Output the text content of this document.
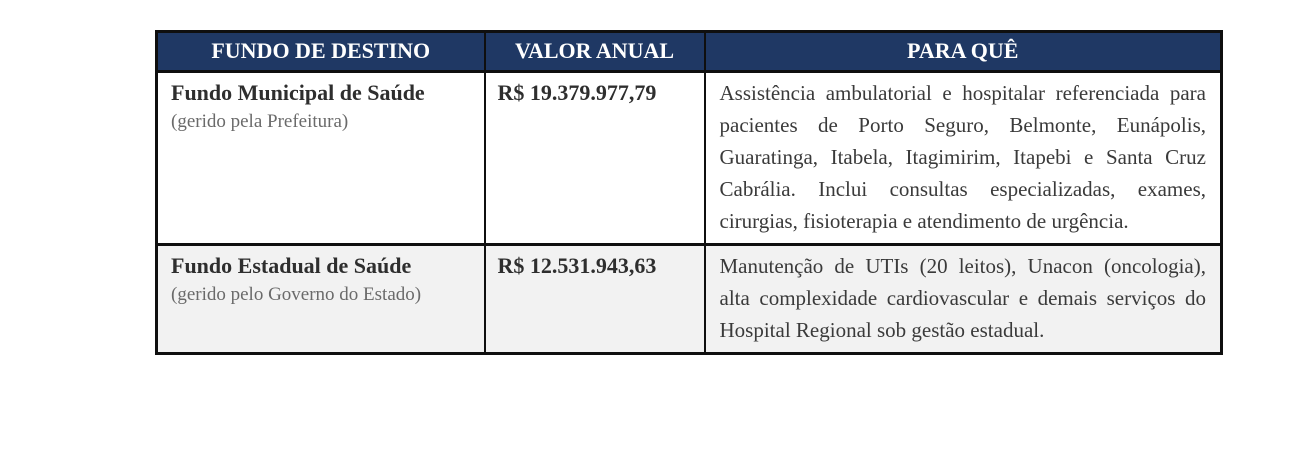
FUNDO DE DESTINO	VALOR ANUAL	PARA QUÊ

Fundo Municipal de Saúde
(gerido pela Prefeitura)	R$ 19.379.977,79	Assistência ambulatorial e hospitalar referenciada para pacientes de Porto Seguro, Belmonte, Eunápolis, Guaratinga, Itabela, Itagimirim, Itapebi e Santa Cruz Cabrália. Inclui consultas especializadas, exames, cirurgias, fisioterapia e atendimento de urgência.

Fundo Estadual de Saúde
(gerido pelo Governo do Estado)	R$ 12.531.943,63	Manutenção de UTIs (20 leitos), Unacon (oncologia), alta complexidade cardiovascular e demais serviços do Hospital Regional sob gestão estadual.
